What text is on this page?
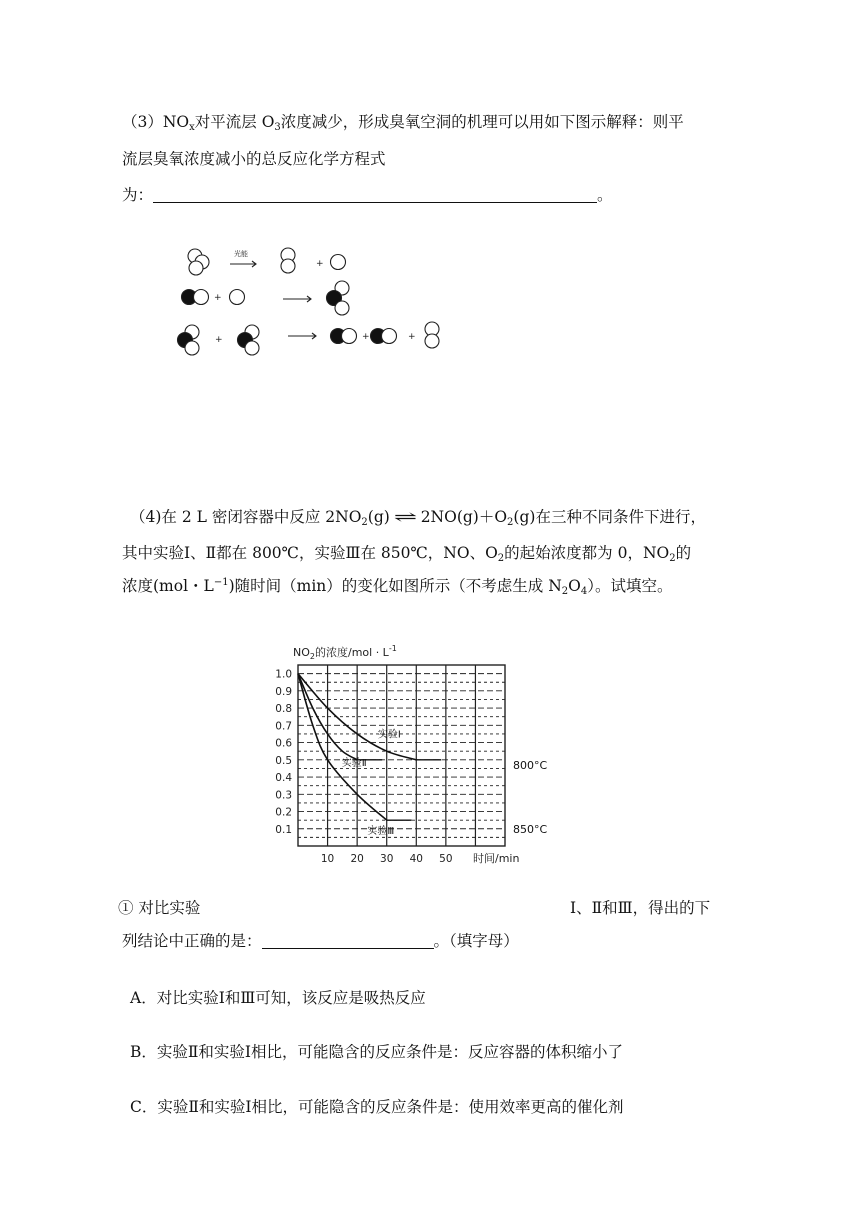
$(3)NO_x$对平流层 $O_3$浓度减少，形成臭氧空洞的机理可以用如下图示解释：则平
流层臭氧浓度减小的总反应化学方程式
为：	。
+
+
+	+	+
光能
（4)在 2 L 密闭容器中反应 $2NO_2(g)$ ⇌ $2NO(g)+O_2(g)$在三种不同条件下进行，
其中实验Ⅰ、Ⅱ都在 800℃，实验Ⅲ在 850℃，NO、$O_2$的起始浓度都为 0，$NO_2$的
浓度(mol・$L^{-1}$)随时间（min）的变化如图所示（不考虑生成 $N_2O_4$）。试填空。
$NO_2$的浓度$/mol \cdot L^{-1}$
1.0
0.9
0.8
0.7
0.6
0.5
0.4
0.3
0.2
0.1
10 20 30 40 50
实验Ⅰ
实验Ⅱ
实验Ⅲ
800°C
850°C
时间/min
① 对比实验	Ⅰ、Ⅱ和Ⅲ，得出的下
列结论中正确的是：	。（填字母）
A．对比实验Ⅰ和Ⅲ可知，该反应是吸热反应
B．实验Ⅱ和实验Ⅰ相比，可能隐含的反应条件是：反应容器的体积缩小了
C．实验Ⅱ和实验Ⅰ相比，可能隐含的反应条件是：使用效率更高的催化剂
